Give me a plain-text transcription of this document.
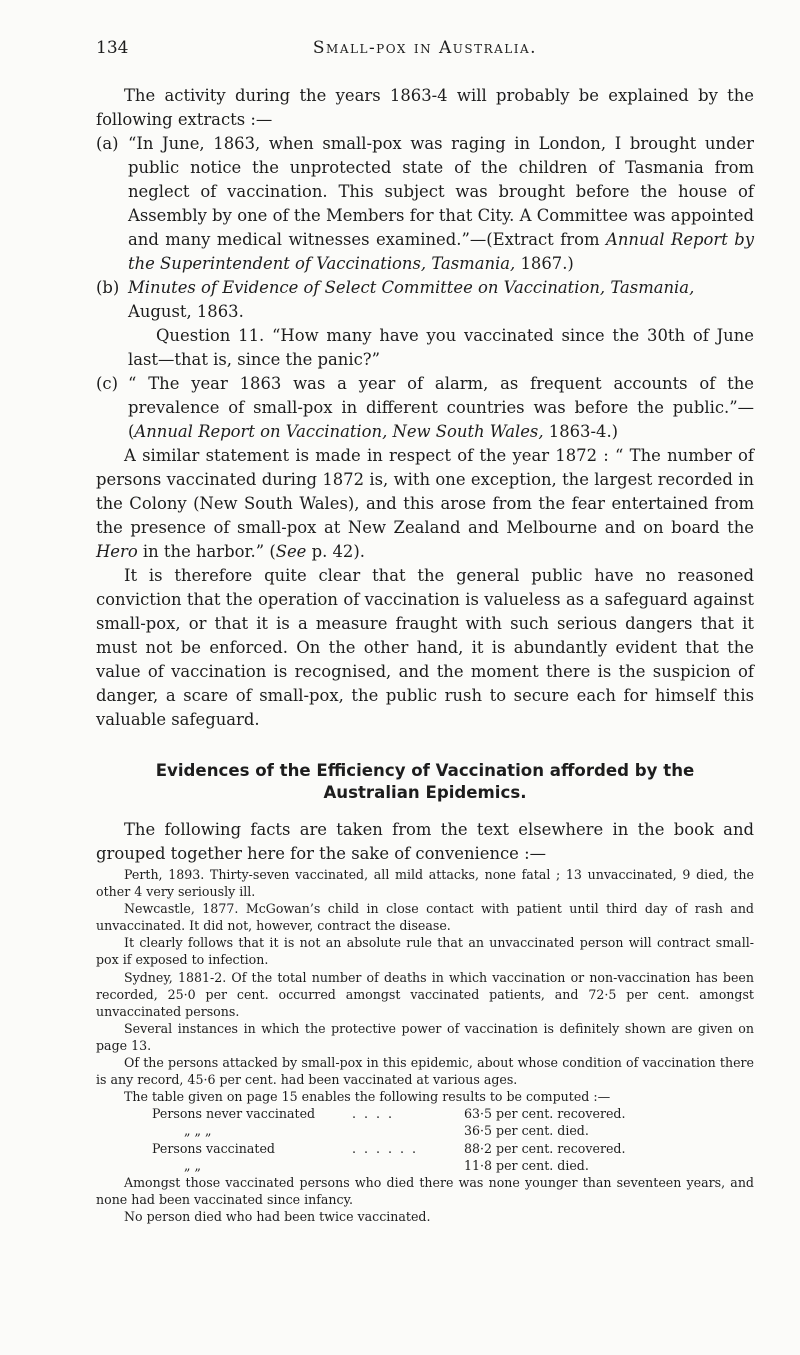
134	Small-pox in Australia.

The activity during the years 1863-4 will probably be explained by the following extracts :—

(a) “In June, 1863, when small-pox was raging in London, I brought under public notice the unprotected state of the children of Tasmania from neglect of vaccination. This subject was brought before the house of Assembly by one of the Members for that City. A Committee was appointed and many medical witnesses examined.”—(Extract from Annual Report by the Superintendent of Vaccinations, Tasmania, 1867.)
(b) Minutes of Evidence of Select Committee on Vaccination, Tasmania,
August, 1863.

Question 11. “How many have you vaccinated since the 30th of June last—that is, since the panic?”

(c) “ The year 1863 was a year of alarm, as frequent accounts of the prevalence of small-pox in different countries was before the public.”—(Annual Report on Vaccination, New South Wales, 1863-4.)

A similar statement is made in respect of the year 1872 : “ The number of persons vaccinated during 1872 is, with one exception, the largest recorded in the Colony (New South Wales), and this arose from the fear entertained from the presence of small-pox at New Zealand and Melbourne and on board the Hero in the harbor.” (See p. 42).

It is therefore quite clear that the general public have no reasoned conviction that the operation of vaccination is valueless as a safeguard against small-pox, or that it is a measure fraught with such serious dangers that it must not be enforced. On the other hand, it is abundantly evident that the value of vaccination is recognised, and the moment there is the suspicion of danger, a scare of small-pox, the public rush to secure each for himself this valuable safeguard.

Evidences of the Efficiency of Vaccination afforded by the
Australian Epidemics.

The following facts are taken from the text elsewhere in the book and grouped together here for the sake of convenience :—

Perth, 1893. Thirty-seven vaccinated, all mild attacks, none fatal ; 13 unvaccinated, 9 died, the other 4 very seriously ill.

Newcastle, 1877. McGowan’s child in close contact with patient until third day of rash and unvaccinated. It did not, however, contract the disease.

It clearly follows that it is not an absolute rule that an unvaccinated person will contract small-pox if exposed to infection.

Sydney, 1881-2. Of the total number of deaths in which vaccination or non-vaccination has been recorded, 25·0 per cent. occurred amongst vaccinated patients, and 72·5 per cent. amongst unvaccinated persons.

Several instances in which the protective power of vaccination is definitely shown are given on page 13.

Of the persons attacked by small-pox in this epidemic, about whose condition of vaccination there is any record, 45·6 per cent. had been vaccinated at various ages.

The table given on page 15 enables the following results to be computed :—

Persons never vaccinated	. . . .	63·5 per cent. recovered.
„ „ „	36·5 per cent. died.
Persons vaccinated	. . . . . .	88·2 per cent. recovered.
„ „	11·8 per cent. died.

Amongst those vaccinated persons who died there was none younger than seventeen years, and none had been vaccinated since infancy.

No person died who had been twice vaccinated.
